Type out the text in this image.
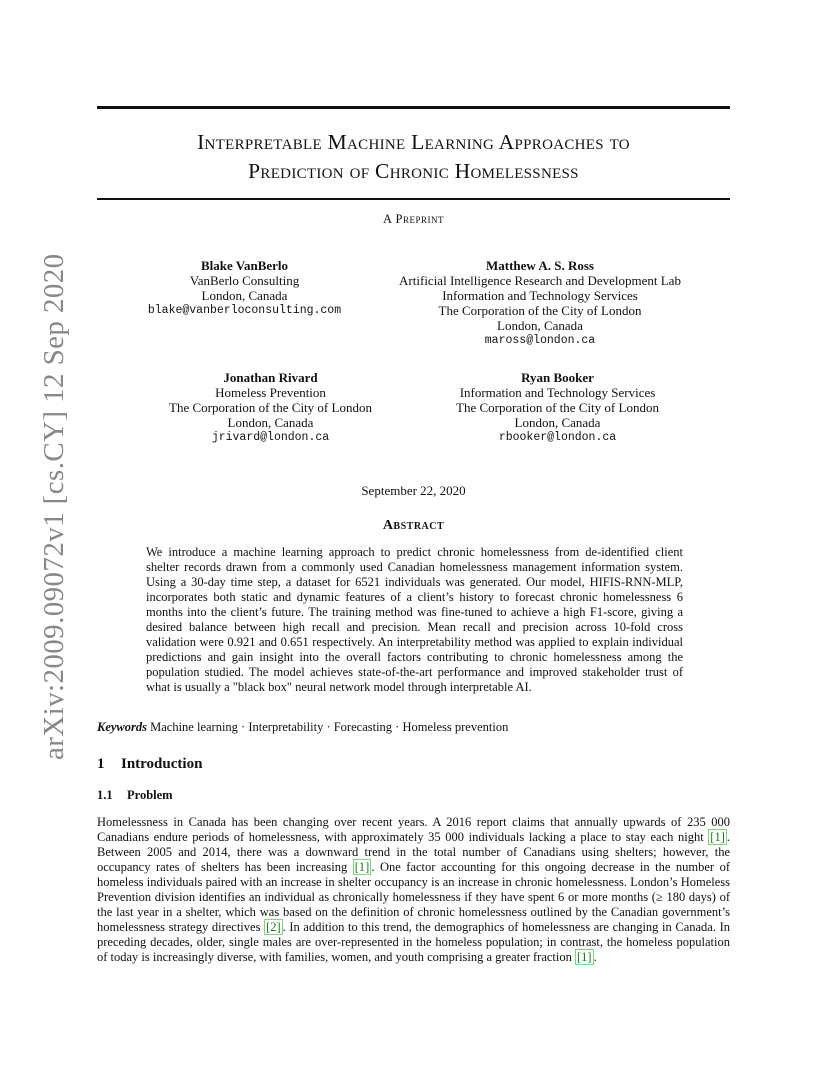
arXiv:2009.09072v1 [cs.CY] 12 Sep 2020
Interpretable Machine Learning Approaches to
Prediction of Chronic Homelessness
A Preprint
Blake VanBerlo
VanBerlo Consulting
London, Canada
blake@vanberloconsulting.com
Matthew A. S. Ross
Artificial Intelligence Research and Development Lab
Information and Technology Services
The Corporation of the City of London
London, Canada
maross@london.ca
Jonathan Rivard
Homeless Prevention
The Corporation of the City of London
London, Canada
jrivard@london.ca
Ryan Booker
Information and Technology Services
The Corporation of the City of London
London, Canada
rbooker@london.ca
September 22, 2020
Abstract
We introduce a machine learning approach to predict chronic homelessness from de-identified client shelter records drawn from a commonly used Canadian homelessness management information system. Using a 30-day time step, a dataset for 6521 individuals was generated. Our model, HIFIS-RNN-MLP, incorporates both static and dynamic features of a client’s history to forecast chronic homelessness 6 months into the client’s future. The training method was fine-tuned to achieve a high F1-score, giving a desired balance between high recall and precision. Mean recall and precision across 10-fold cross validation were 0.921 and 0.651 respectively. An interpretability method was applied to explain individual predictions and gain insight into the overall factors contributing to chronic homelessness among the population studied. The model achieves state-of-the-art performance and improved stakeholder trust of what is usually a "black box" neural network model through interpretable AI.
Keywords Machine learning · Interpretability · Forecasting · Homeless prevention
1 Introduction
1.1 Problem
Homelessness in Canada has been changing over recent years. A 2016 report claims that annually upwards of 235 000 Canadians endure periods of homelessness, with approximately 35 000 individuals lacking a place to stay each night [1] . Between 2005 and 2014, there was a downward trend in the total number of Canadians using shelters; however, the occupancy rates of shelters has been increasing [1] . One factor accounting for this ongoing decrease in the number of homeless individuals paired with an increase in shelter occupancy is an increase in chronic homelessness. London’s Homeless Prevention division identifies an individual as chronically homelessness if they have spent 6 or more months (≥ 180 days) of the last year in a shelter, which was based on the definition of chronic homelessness outlined by the Canadian government’s homelessness strategy directives [2] . In addition to this trend, the demographics of homelessness are changing in Canada. In preceding decades, older, single males are over-represented in the homeless population; in contrast, the homeless population of today is increasingly diverse, with families, women, and youth comprising a greater fraction [1] .
